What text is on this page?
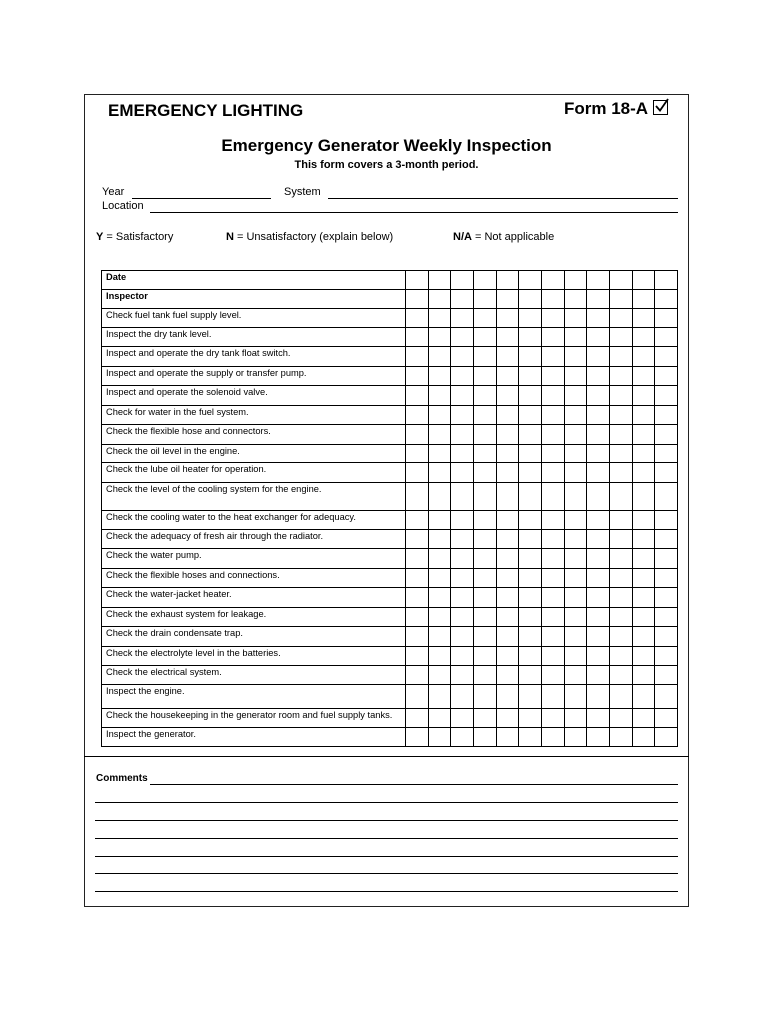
EMERGENCY LIGHTING	Form 18-A
Emergency Generator Weekly Inspection
This form covers a 3-month period.
Year	System
Location
Y = Satisfactory	N = Unsatisfactory (explain below)	N/A = Not applicable
Date												
Inspector												
Check fuel tank fuel supply level.												
Inspect the dry tank level.												
Inspect and operate the dry tank float switch.												
Inspect and operate the supply or transfer pump.												
Inspect and operate the solenoid valve.												
Check for water in the fuel system.												
Check the flexible hose and connectors.												
Check the oil level in the engine.												
Check the lube oil heater for operation.												
Check the level of the cooling system for the engine.												
Check the cooling water to the heat exchanger for adequacy.												
Check the adequacy of fresh air through the radiator.												
Check the water pump.												
Check the flexible hoses and connections.												
Check the water-jacket heater.												
Check the exhaust system for leakage.												
Check the drain condensate trap.												
Check the electrolyte level in the batteries.												
Check the electrical system.												
Inspect the engine.												
Check the housekeeping in the generator room and fuel supply tanks.												
Inspect the generator.												
Comments
